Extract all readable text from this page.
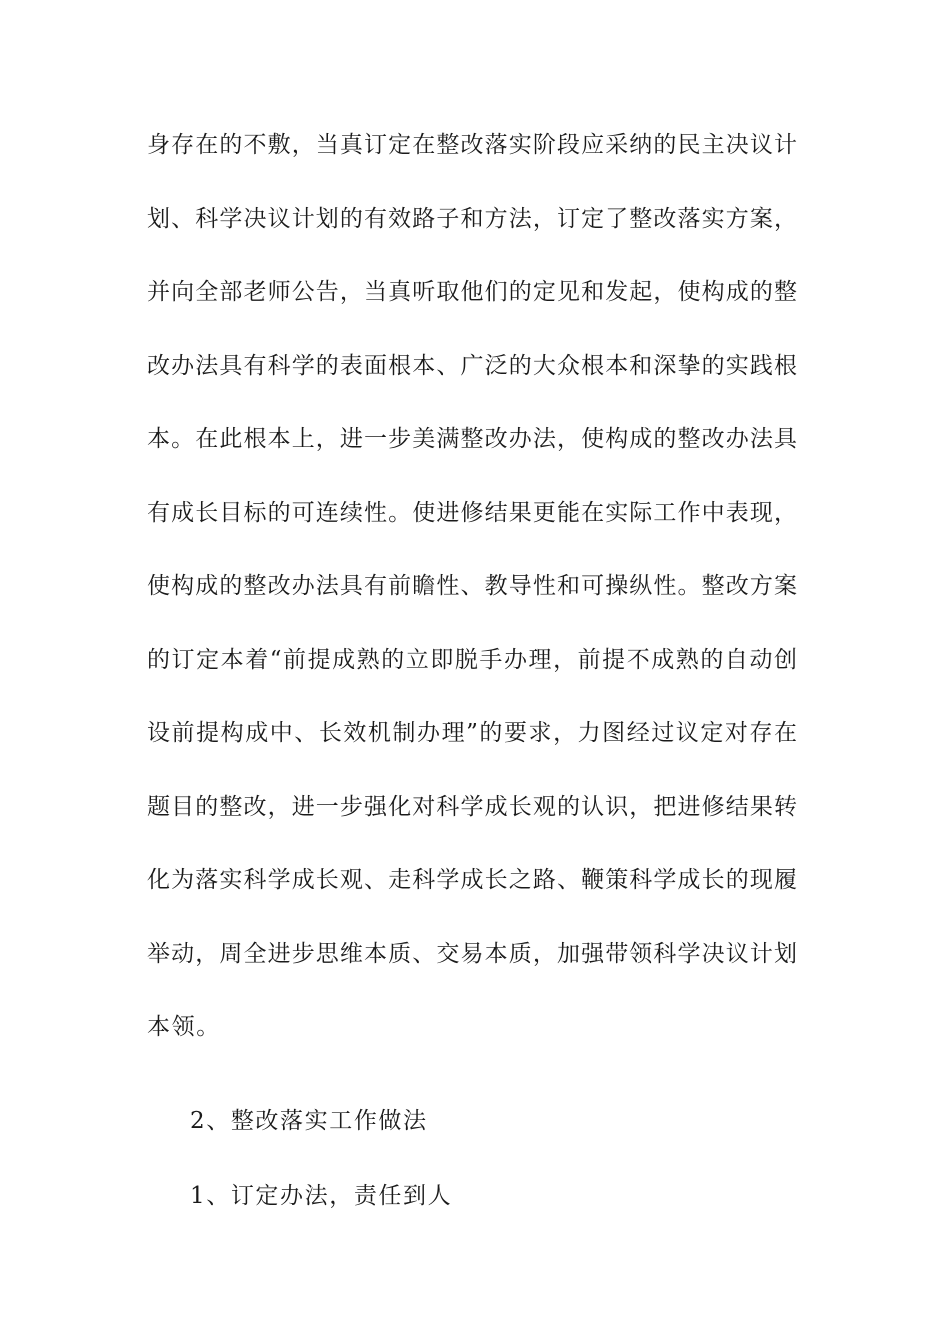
身存在的不敷，当真订定在整改落实阶段应采纳的民主决议计
划、科学决议计划的有效路子和方法，订定了整改落实方案，
并向全部老师公告，当真听取他们的定见和发起，使构成的整
改办法具有科学的表面根本、广泛的大众根本和深挚的实践根
本。在此根本上，进一步美满整改办法，使构成的整改办法具
有成长目标的可连续性。使进修结果更能在实际工作中表现，
使构成的整改办法具有前瞻性、教导性和可操纵性。整改方案
的订定本着“前提成熟的立即脱手办理，前提不成熟的自动创
设前提构成中、长效机制办理”的要求，力图经过议定对存在
题目的整改，进一步强化对科学成长观的认识，把进修结果转
化为落实科学成长观、走科学成长之路、鞭策科学成长的现履
举动，周全进步思维本质、交易本质，加强带领科学决议计划
本领。
2、整改落实工作做法
1、订定办法，责任到人
